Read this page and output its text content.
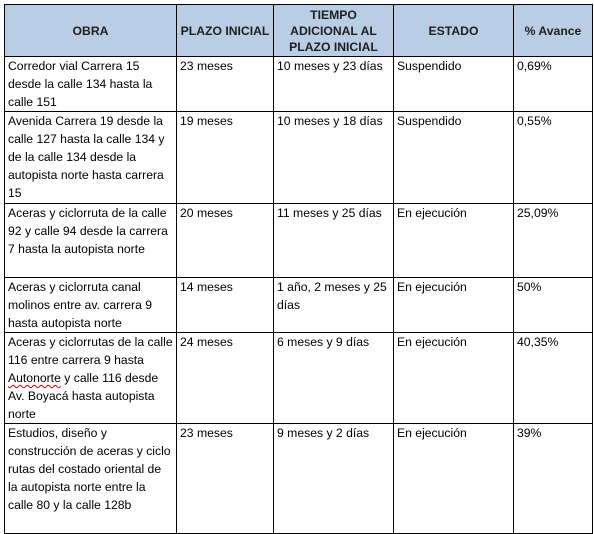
OBRA	PLAZO INICIAL	TIEMPO ADICIONAL AL PLAZO INICIAL	ESTADO	% Avance
Corredor vial Carrera 15 desde la calle 134 hasta la calle 151	23 meses	10 meses y 23 días	Suspendido	0,69%
Avenida Carrera 19 desde la calle 127 hasta la calle 134 y de la calle 134 desde la autopista norte hasta carrera 15	19 meses	10 meses y 18 días	Suspendido	0,55%
Aceras y ciclorruta de la calle 92 y calle 94 desde la carrera 7 hasta la autopista norte	20 meses	11 meses y 25 días	En ejecución	25,09%
Aceras y ciclorruta canal molinos entre av. carrera 9 hasta autopista norte	14 meses	1 año, 2 meses y 25 días	En ejecución	50%
Aceras y ciclorrutas de la calle 116 entre carrera 9 hasta Autonorte y calle 116 desde Av. Boyacá hasta autopista norte	24 meses	6 meses y 9 días	En ejecución	40,35%
Estudios, diseño y construcción de aceras y ciclo rutas del costado oriental de la autopista norte entre la calle 80 y la calle 128b	23 meses	9 meses y 2 días	En ejecución	39%
